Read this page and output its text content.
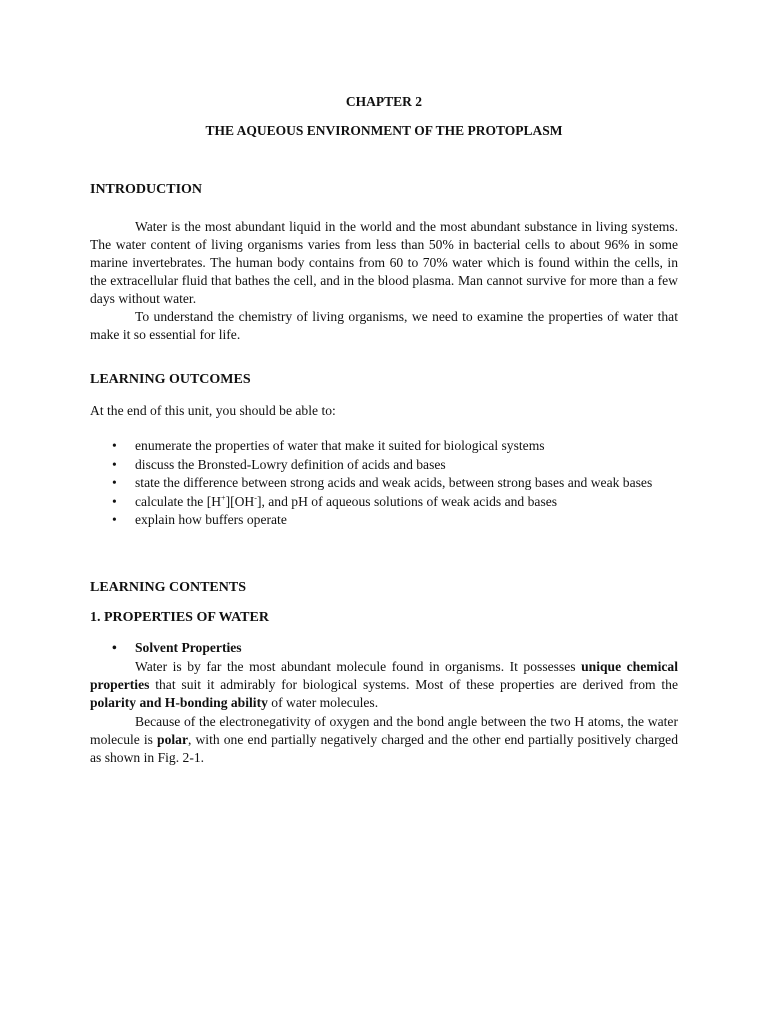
CHAPTER 2
THE AQUEOUS ENVIRONMENT OF THE PROTOPLASM
INTRODUCTION

Water is the most abundant liquid in the world and the most abundant substance in living systems. The water content of living organisms varies from less than 50% in bacterial cells to about 96% in some marine invertebrates. The human body contains from 60 to 70% water which is found within the cells, in the extracellular fluid that bathes the cell, and in the blood plasma. Man cannot survive for more than a few days without water.

To understand the chemistry of living organisms, we need to examine the properties of water that make it so essential for life.

LEARNING OUTCOMES
At the end of this unit, you should be able to:
• enumerate the properties of water that make it suited for biological systems
• discuss the Bronsted-Lowry definition of acids and bases
• state the difference between strong acids and weak acids, between strong bases and weak bases
• calculate the [H+][OH-], and pH of aqueous solutions of weak acids and bases
• explain how buffers operate
LEARNING CONTENTS
1. PROPERTIES OF WATER
• Solvent Properties

Water is by far the most abundant molecule found in organisms. It possesses unique chemical properties that suit it admirably for biological systems. Most of these properties are derived from the polarity and H-bonding ability of water molecules.

Because of the electronegativity of oxygen and the bond angle between the two H atoms, the water molecule is polar, with one end partially negatively charged and the other end partially positively charged as shown in Fig. 2-1.
